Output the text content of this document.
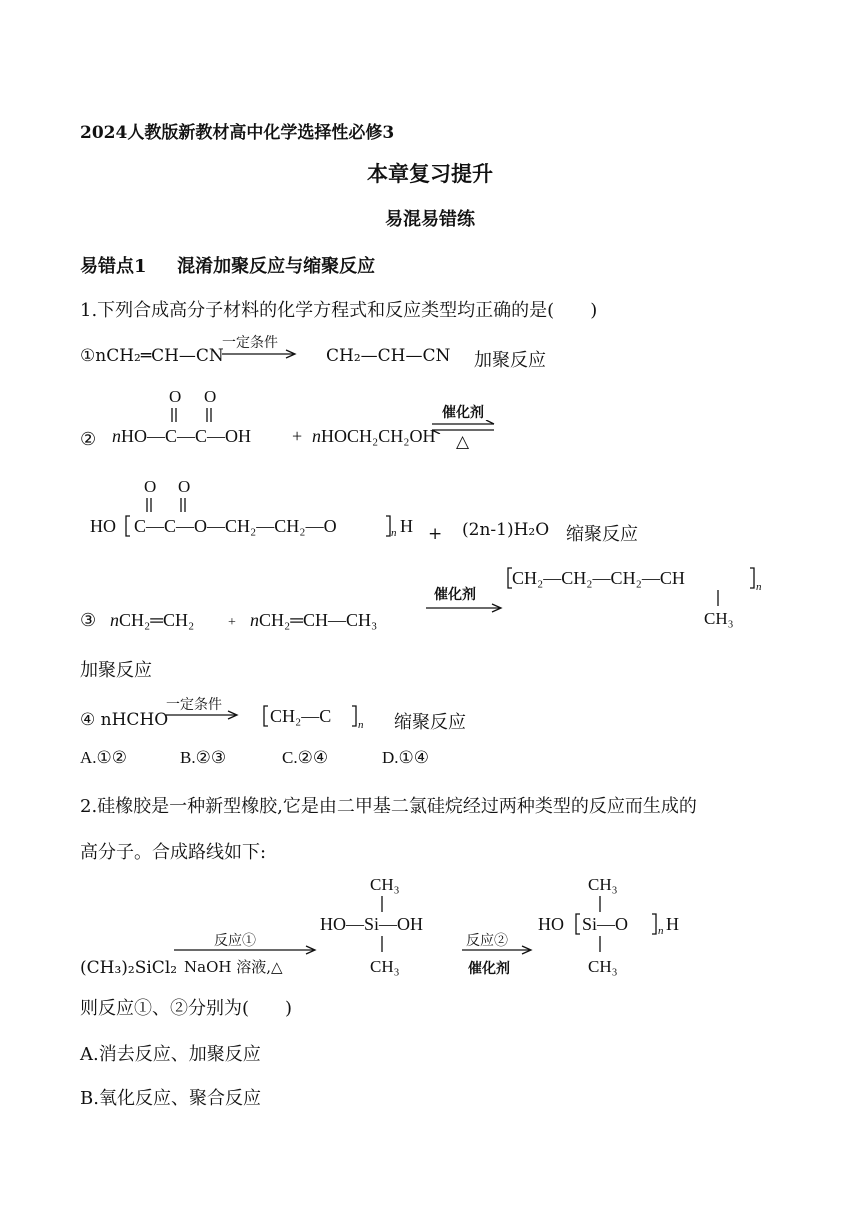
2024人教版新教材高中化学选择性必修3
本章复习提升
易混易错练
易错点1 混淆加聚反应与缩聚反应
1.下列合成高分子材料的化学方程式和反应类型均正确的是(　　)
①nCH₂═CH—CN
一定条件
CH₂—CH—CN 加聚反应
②
O O
nHO—C—C—OH + nHOCH₂CH₂OH
催化剂
△
O O
HO C—C—O—CH₂—CH₂—O	n H + (2n-1)H₂O 缩聚反应
③ nCH₂═CH₂ + nCH₂═CH—CH₃
催化剂
CH₂—CH₂—CH₂—CH	n
CH₃
加聚反应
④ nHCHO
一定条件
CH₂—C n 缩聚反应
A.①②	B.②③	C.②④	D.①④
2.硅橡胶是一种新型橡胶,它是由二甲基二氯硅烷经过两种类型的反应而生成的
高分子。合成路线如下:
(CH₃)₂SiCl₂
反应①
NaOH 溶液,△
CH₃
HO—Si—OH
CH₃
反应②
催化剂
CH₃
HO Si—O	n H
CH₃
则反应①、②分别为(　　)
A.消去反应、加聚反应
B.氧化反应、聚合反应
